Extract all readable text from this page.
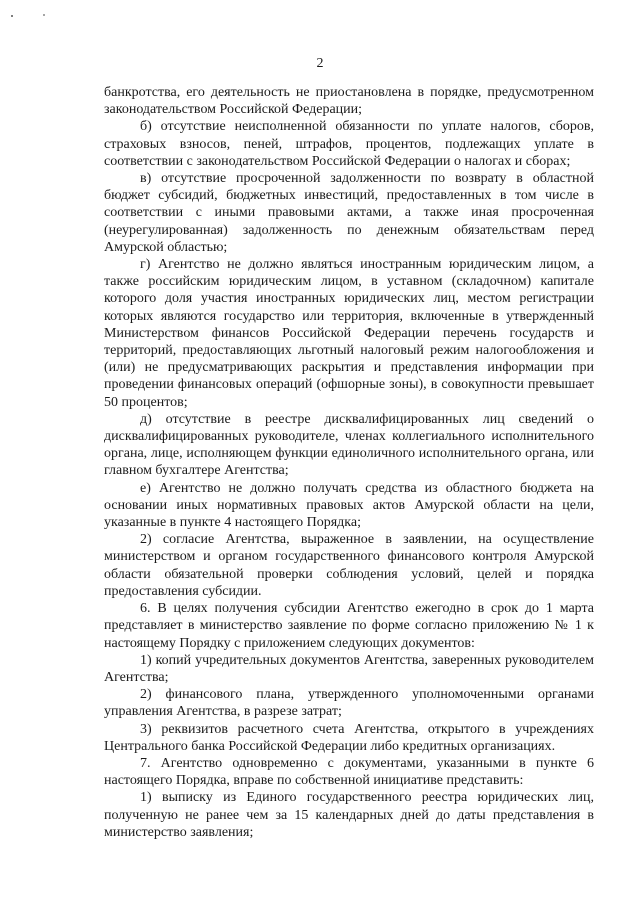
2

банкротства, его деятельность не приостановлена в порядке, предусмотренном законодательством Российской Федерации;

б) отсутствие неисполненной обязанности по уплате налогов, сборов, страховых взносов, пеней, штрафов, процентов, подлежащих уплате в соответствии с законодательством Российской Федерации о налогах и сборах;

в) отсутствие просроченной задолженности по возврату в областной бюджет субсидий, бюджетных инвестиций, предоставленных в том числе в соответствии с иными правовыми актами, а также иная просроченная (неурегулированная) задолженность по денежным обязательствам перед Амурской областью;

г) Агентство не должно являться иностранным юридическим лицом, а также российским юридическим лицом, в уставном (складочном) капитале которого доля участия иностранных юридических лиц, местом регистрации которых являются государство или территория, включенные в утвержденный Министерством финансов Российской Федерации перечень государств и территорий, предоставляющих льготный налоговый режим налогообложения и (или) не предусматривающих раскрытия и представления информации при проведении финансовых операций (офшорные зоны), в совокупности превышает 50 процентов;

д) отсутствие в реестре дисквалифицированных лиц сведений о дисквалифицированных руководителе, членах коллегиального исполнительного органа, лице, исполняющем функции единоличного исполнительного органа, или главном бухгалтере Агентства;

е) Агентство не должно получать средства из областного бюджета на основании иных нормативных правовых актов Амурской области на цели, указанные в пункте 4 настоящего Порядка;

2) согласие Агентства, выраженное в заявлении, на осуществление министерством и органом государственного финансового контроля Амурской области обязательной проверки соблюдения условий, целей и порядка предоставления субсидии.

6. В целях получения субсидии Агентство ежегодно в срок до 1 марта представляет в министерство заявление по форме согласно приложению № 1 к настоящему Порядку с приложением следующих документов:

1) копий учредительных документов Агентства, заверенных руководителем Агентства;

2) финансового плана, утвержденного уполномоченными органами управления Агентства, в разрезе затрат;

3) реквизитов расчетного счета Агентства, открытого в учреждениях Центрального банка Российской Федерации либо кредитных организациях.

7. Агентство одновременно с документами, указанными в пункте 6 настоящего Порядка, вправе по собственной инициативе представить:

1) выписку из Единого государственного реестра юридических лиц, полученную не ранее чем за 15 календарных дней до даты представления в министерство заявления;
